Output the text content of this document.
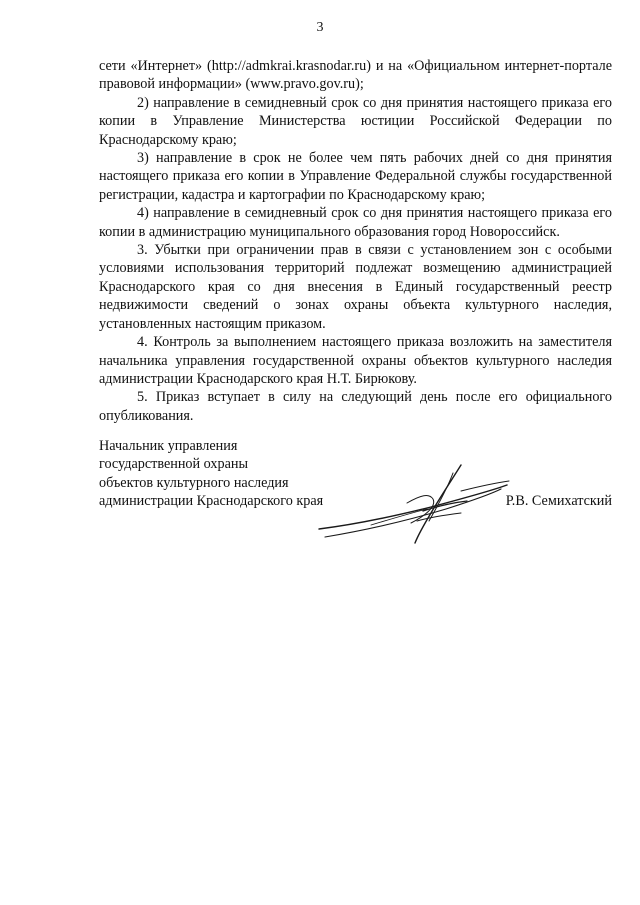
3

сети «Интернет» (http://admkrai.krasnodar.ru) и на «Официальном интернет-портале правовой информации» (www.pravo.gov.ru);

2) направление в семидневный срок со дня принятия настоящего приказа его копии в Управление Министерства юстиции Российской Федерации по Краснодарскому краю;

3) направление в срок не более чем пять рабочих дней со дня принятия настоящего приказа его копии в Управление Федеральной службы государственной регистрации, кадастра и картографии по Краснодарскому краю;

4) направление в семидневный срок со дня принятия настоящего приказа его копии в администрацию муниципального образования город Новороссийск.

3. Убытки при ограничении прав в связи с установлением зон с особыми условиями использования территорий подлежат возмещению администрацией Краснодарского края со дня внесения в Единый государственный реестр недвижимости сведений о зонах охраны объекта культурного наследия, установленных настоящим приказом.

4. Контроль за выполнением настоящего приказа возложить на заместителя начальника управления государственной охраны объектов культурного наследия администрации Краснодарского края Н.Т. Бирюкову.

5. Приказ вступает в силу на следующий день после его официального опубликования.

Начальник управления
государственной охраны
объектов культурного наследия
администрации Краснодарского края	Р.В. Семихатский
